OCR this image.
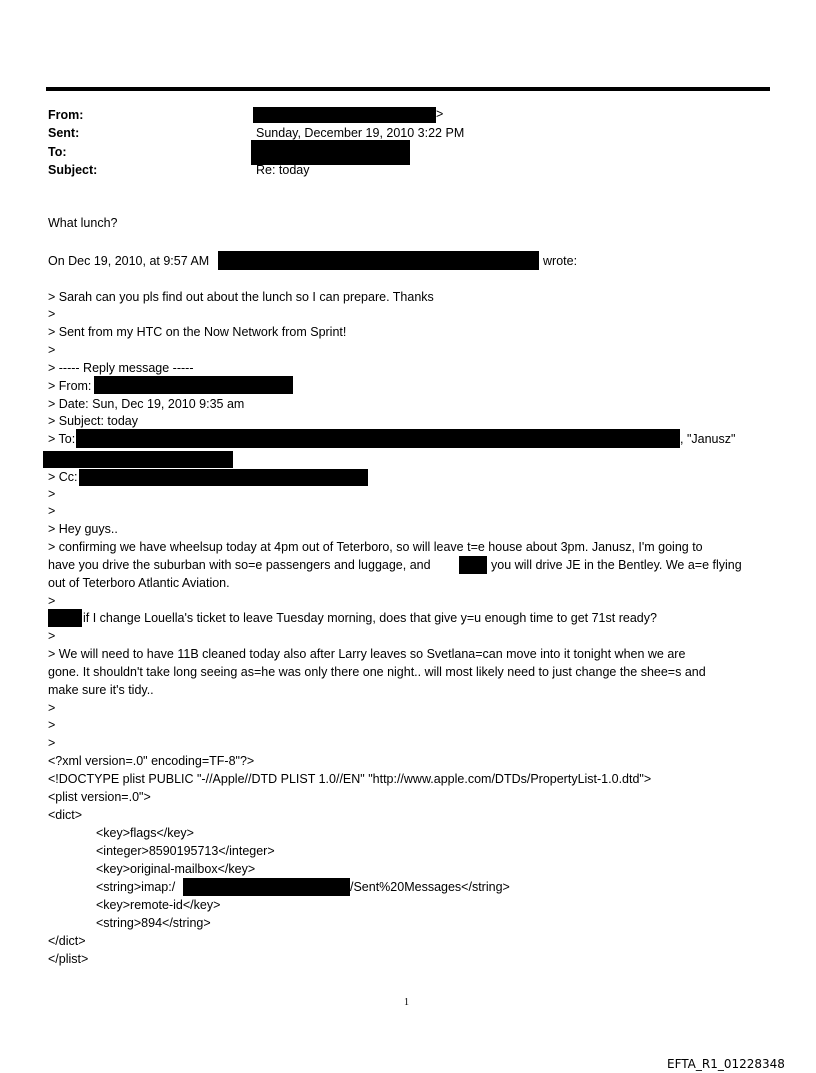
From:	>
Sent:	Sunday, December 19, 2010 3:22 PM
To:
Subject:	Re: today
What lunch?
On Dec 19, 2010, at 9:57 AM	wrote:
> Sarah can you pls find out about the lunch so I can prepare. Thanks
>
> Sent from my HTC on the Now Network from Sprint!
>
> ----- Reply message -----
> From:
> Date: Sun, Dec 19, 2010 9:35 am
> Subject: today
> To:	, "Janusz"
> Cc:
>
>
> Hey guys..
> confirming we have wheelsup today at 4pm out of Teterboro, so will leave t=e house about 3pm. Janusz, I'm going to
have you drive the suburban with so=e passengers and luggage, and	you will drive JE in the Bentley. We a=e flying
out of Teterboro Atlantic Aviation.
>
if I change Louella's ticket to leave Tuesday morning, does that give y=u enough time to get 71st ready?
>
> We will need to have 11B cleaned today also after Larry leaves so Svetlana=can move into it tonight when we are
gone. It shouldn't take long seeing as=he was only there one night.. will most likely need to just change the shee=s and
make sure it's tidy..
>
>
>
<?xml version=.0" encoding=TF-8"?>
<!DOCTYPE plist PUBLIC "-//Apple//DTD PLIST 1.0//EN" "http://www.apple.com/DTDs/PropertyList-1.0.dtd">
<plist version=.0">
<dict>
<key>flags</key>
<integer>8590195713</integer>
<key>original-mailbox</key>
<string>imap:/	/Sent%20Messages</string>
<key>remote-id</key>
<string>894</string>
</dict>
</plist>
1
EFTA_R1_01228348
